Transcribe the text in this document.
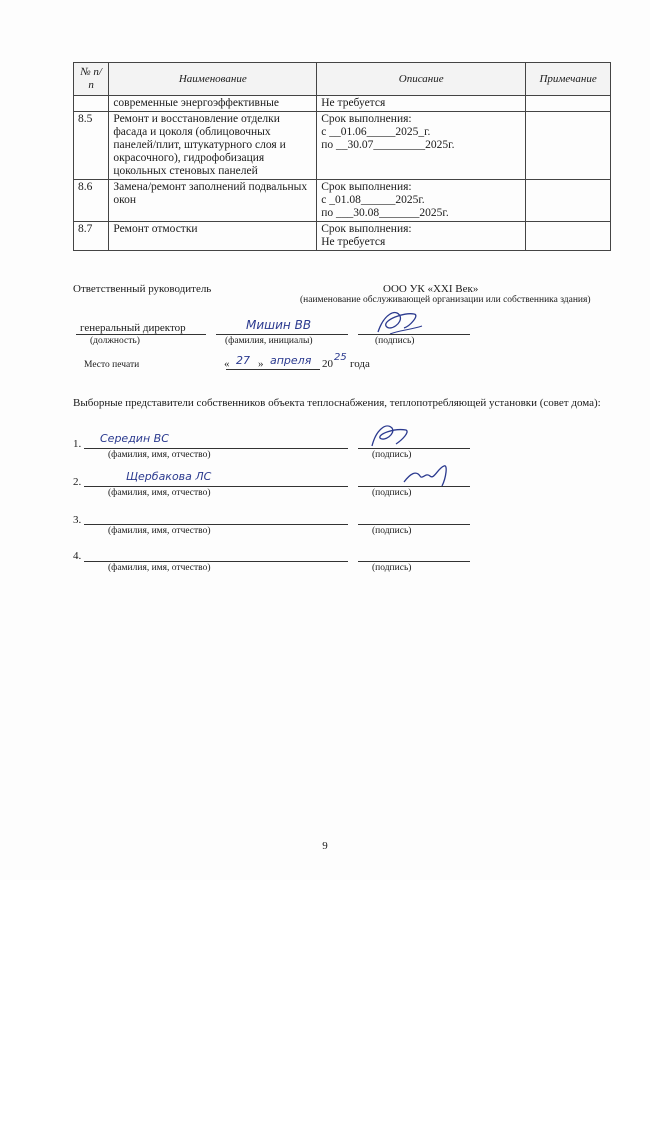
№ п/п	Наименование	Описание	Примечание
	современные энергоэффективные	Не требуется	
8.5	Ремонт и восстановление отделки фасада и цоколя (облицовочных панелей/плит, штукатурного слоя и окрасочного), гидрофобизация цокольных стеновых панелей	Срок выполнения:
с __01.06_____2025_г.
по __30.07_________2025г.	

8.6	Замена/ремонт заполнений подвальных окон	Срок выполнения:
с _01.08______2025г.
по ___30.08_______2025г.	

8.7	Ремонт отмостки	Срок выполнения:
Не требуется	

Ответственный руководитель	ООО УК «XXI Век»
(наименование обслуживающей организации или собственника здания)
генеральный директор
(должность)
Мишин ВВ
(фамилия, инициалы)	(подпись)
Место печати	« 27 » апреля 20
25
года
Выборные представители собственников объекта теплоснабжения, теплопотребляющей установки (совет дома):
1. Середин ВС
(фамилия, имя, отчество)	(подпись)
2.	Щербакова ЛС
(фамилия, имя, отчество)	(подпись)
3.
(фамилия, имя, отчество)	(подпись)
4.
(фамилия, имя, отчество)	(подпись)
9
